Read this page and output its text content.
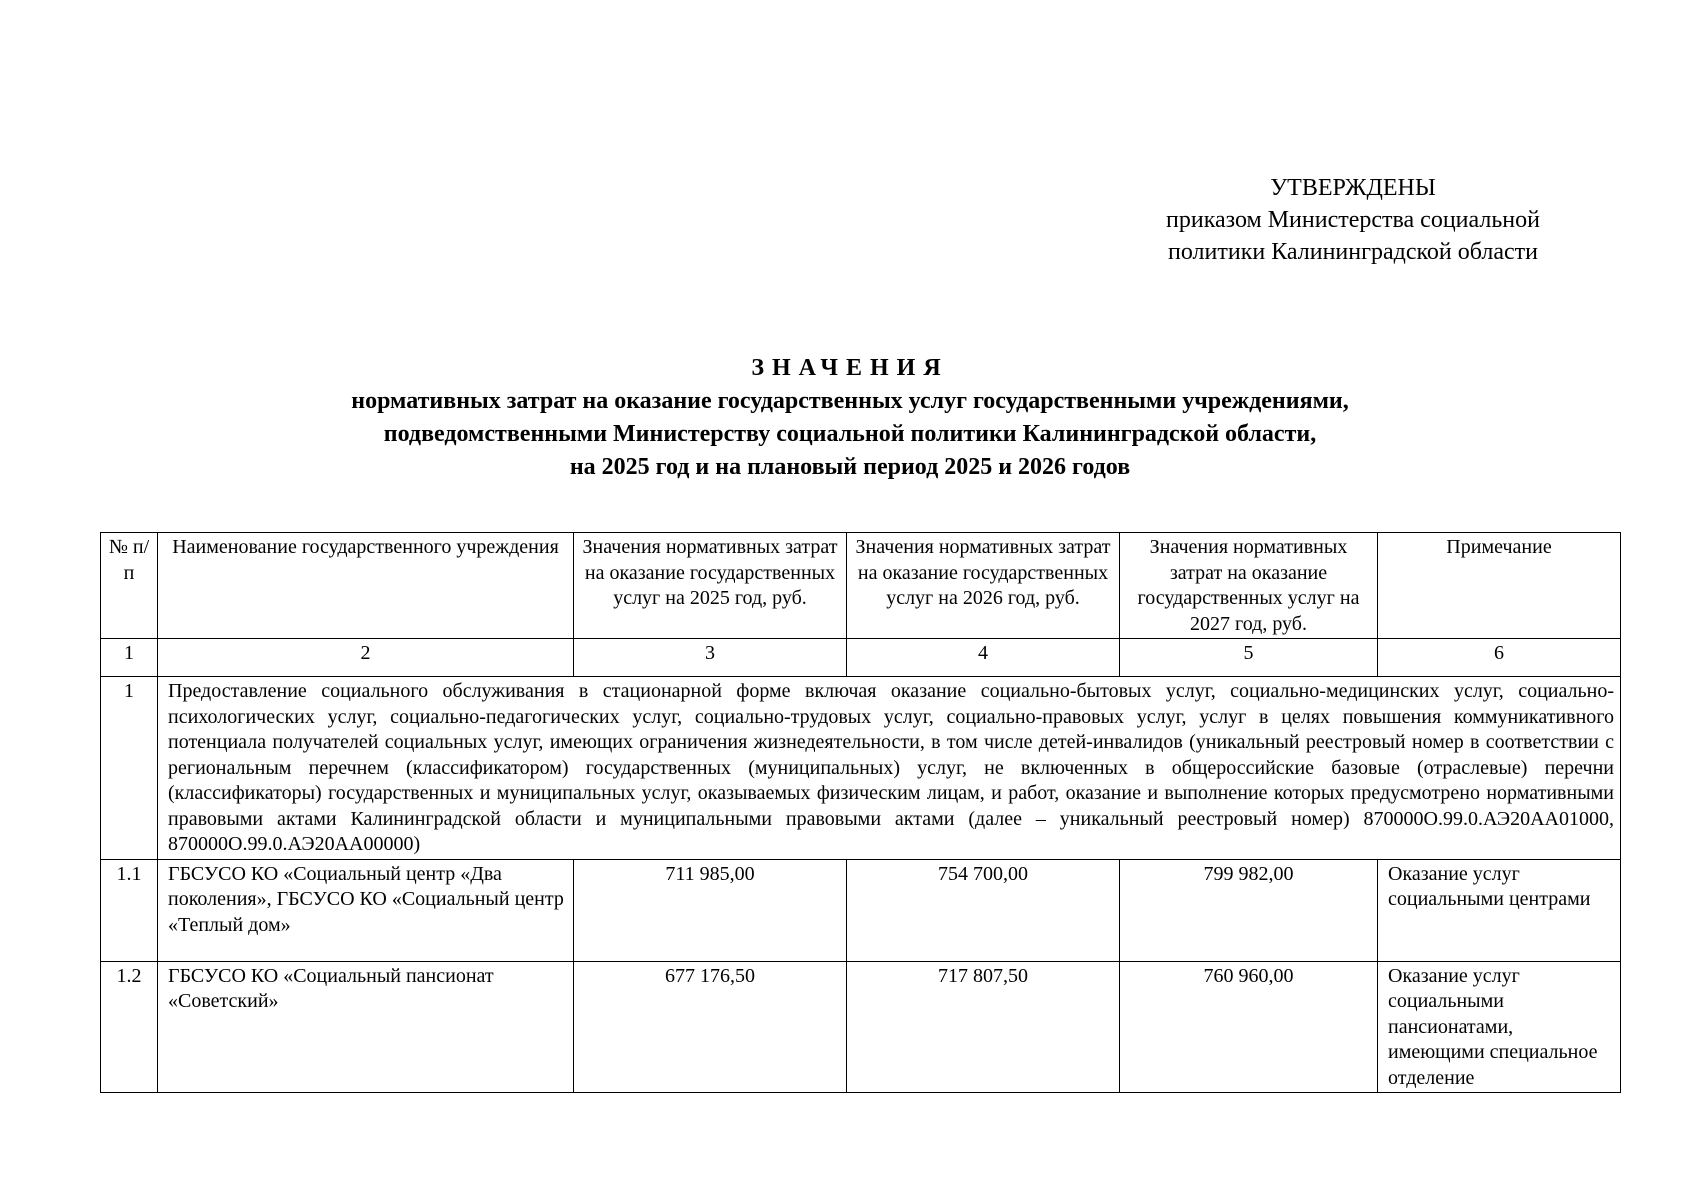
УТВЕРЖДЕНЫ
приказом Министерства социальной
политики Калининградской области
ЗНАЧЕНИЯ
нормативных затрат на оказание государственных услуг государственными учреждениями,
подведомственными Министерству социальной политики Калининградской области,
на 2025 год и на плановый период 2025 и 2026 годов
№ п/п	Наименование государственного учреждения	Значения нормативных затрат на оказание государственных услуг на 2025 год, руб.	Значения нормативных затрат на оказание государственных услуг на 2026 год, руб.	Значения нормативных затрат на оказание государственных услуг на 2027 год, руб.	Примечание
1	2	3	4	5	6
1	Предоставление социального обслуживания в стационарной форме включая оказание социально-бытовых услуг, социально-медицинских услуг, социально-психологических услуг, социально-педагогических услуг, социально-трудовых услуг, социально-правовых услуг, услуг в целях повышения коммуникативного потенциала получателей социальных услуг, имеющих ограничения жизнедеятельности, в том числе детей-инвалидов (уникальный реестровый номер в соответствии с региональным перечнем (классификатором) государственных (муниципальных) услуг, не включенных в общероссийские базовые (отраслевые) перечни (классификаторы) государственных и муниципальных услуг, оказываемых физическим лицам, и работ, оказание и выполнение которых предусмотрено нормативными правовыми актами Калининградской области и муниципальными правовыми актами (далее – уникальный реестровый номер) 870000О.99.0.АЭ20АА01000, 870000О.99.0.АЭ20АА00000)				
1.1	ГБСУСО КО «Социальный центр «Два поколения», ГБСУСО КО «Социальный центр «Теплый дом»	711 985,00	754 700,00	799 982,00	Оказание услуг социальными центрами
1.2	ГБСУСО КО «Социальный пансионат «Советский»	677 176,50	717 807,50	760 960,00	Оказание услуг социальными пансионатами, имеющими специальное отделение
